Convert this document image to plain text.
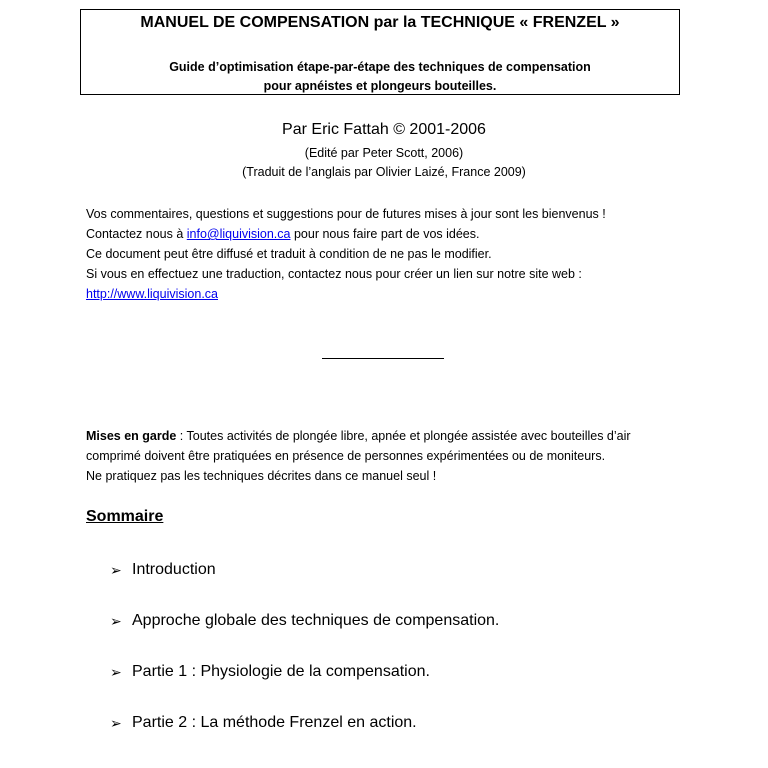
MANUEL DE COMPENSATION par la TECHNIQUE « FRENZEL »
Guide d’optimisation étape-par-étape des techniques de compensation
pour apnéistes et plongeurs bouteilles.
Par Eric Fattah © 2001-2006
(Edité par Peter Scott, 2006)
(Traduit de l’anglais par Olivier Laizé, France 2009)
Vos commentaires, questions et suggestions pour de futures mises à jour sont les bienvenus !
Contactez nous à info@liquivision.ca pour nous faire part de vos idées.
Ce document peut être diffusé et traduit à condition de ne pas le modifier.
Si vous en effectuez une traduction, contactez nous pour créer un lien sur notre site web :
http://www.liquivision.ca
Mises en garde : Toutes activités de plongée libre, apnée et plongée assistée avec bouteilles d’air
comprimé doivent être pratiquées en présence de personnes expérimentées ou de moniteurs.
Ne pratiquez pas les techniques décrites dans ce manuel seul !
Sommaire
➢ Introduction
➢ Approche globale des techniques de compensation.
➢ Partie 1 : Physiologie de la compensation.
➢ Partie 2 : La méthode Frenzel en action.
